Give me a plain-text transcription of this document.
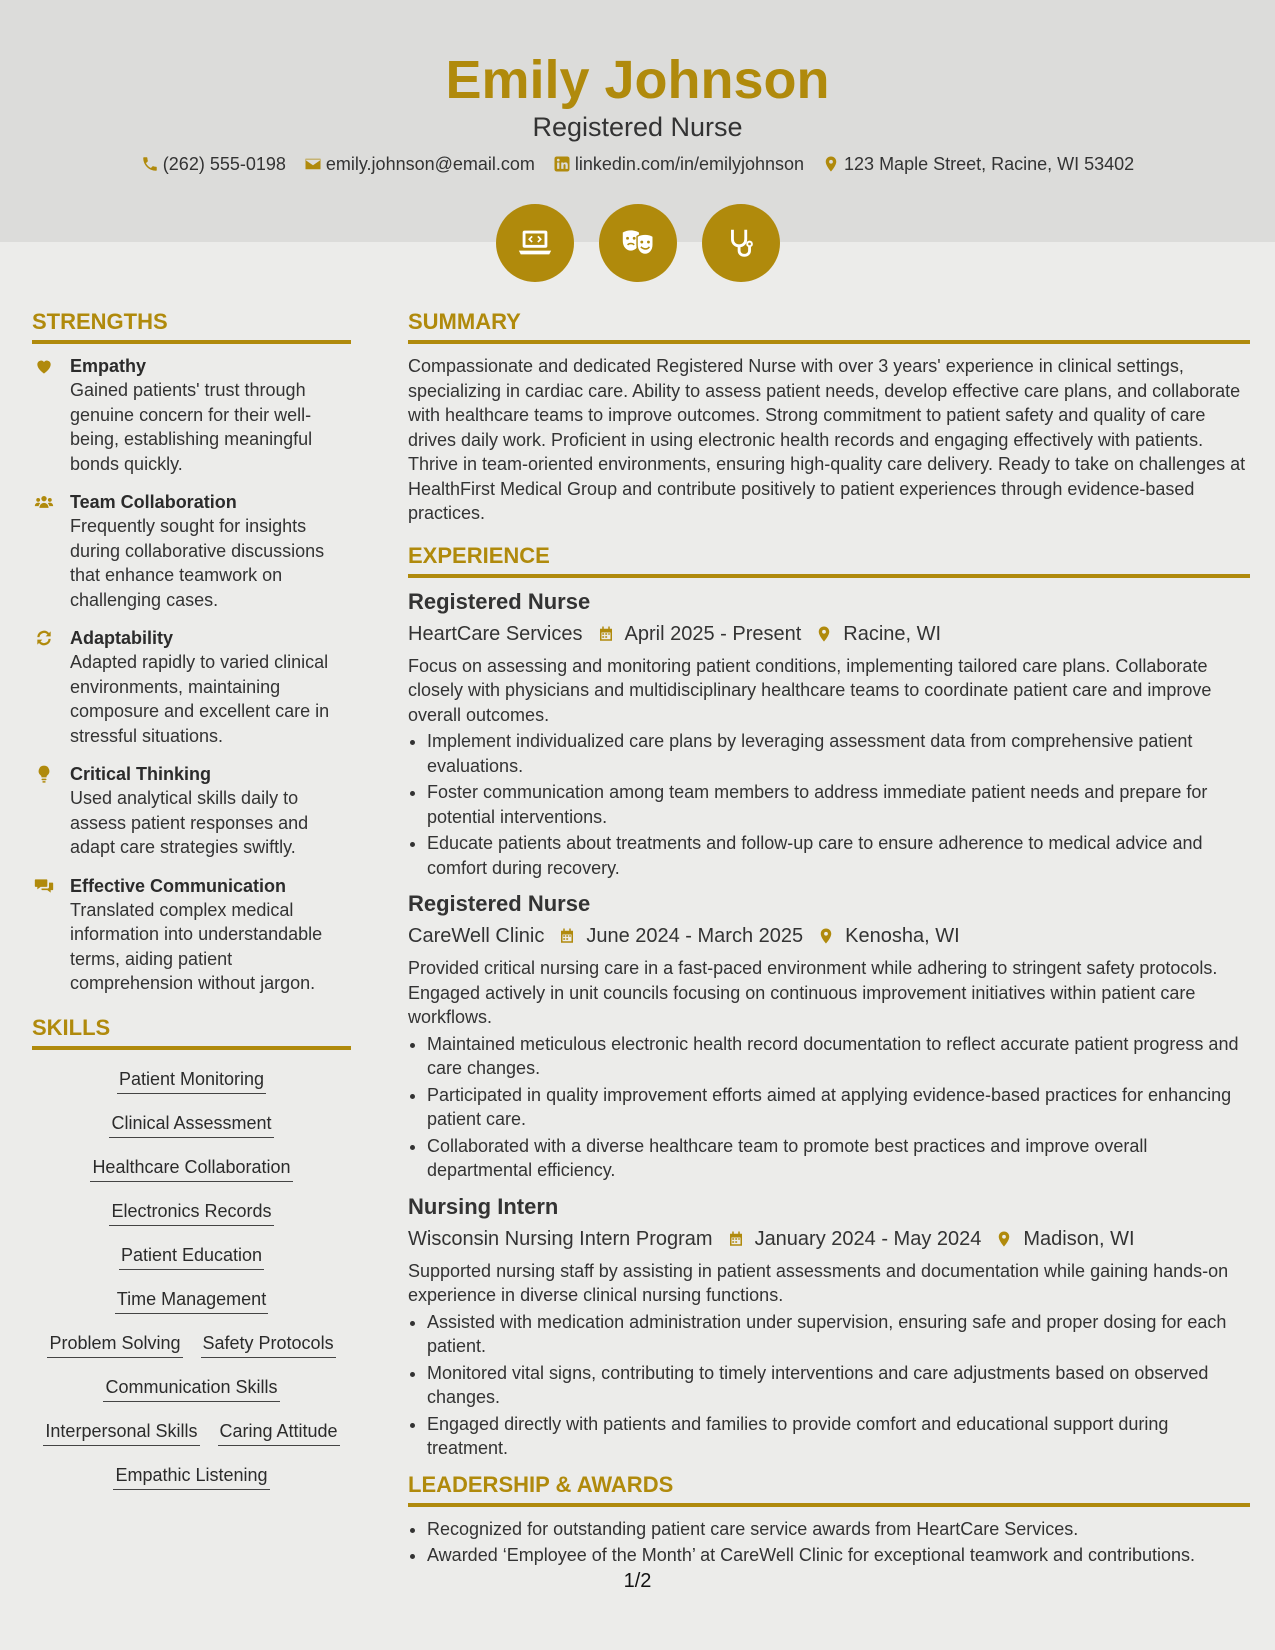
Emily Johnson
Registered Nurse
(262) 555-0198 emily.johnson@email.com linkedin.com/in/emilyjohnson 123 Maple Street, Racine, WI 53402
STRENGTHS
Empathy
Gained patients' trust through genuine concern for their well-being, establishing meaningful bonds quickly.
Team Collaboration
Frequently sought for insights during collaborative discussions that enhance teamwork on challenging cases.
Adaptability
Adapted rapidly to varied clinical environments, maintaining composure and excellent care in stressful situations.
Critical Thinking
Used analytical skills daily to assess patient responses and adapt care strategies swiftly.
Effective Communication
Translated complex medical information into understandable terms, aiding patient comprehension without jargon.
SKILLS
Patient Monitoring
Clinical Assessment
Healthcare Collaboration
Electronics Records
Patient Education
Time Management
Problem Solving Safety Protocols
Communication Skills
Interpersonal Skills Caring Attitude
Empathic Listening
SUMMARY
Compassionate and dedicated Registered Nurse with over 3 years' experience in clinical settings, specializing in cardiac care. Ability to assess patient needs, develop effective care plans, and collaborate with healthcare teams to improve outcomes. Strong commitment to patient safety and quality of care drives daily work. Proficient in using electronic health records and engaging effectively with patients. Thrive in team-oriented environments, ensuring high-quality care delivery. Ready to take on challenges at HealthFirst Medical Group and contribute positively to patient experiences through evidence-based practices.
EXPERIENCE
Registered Nurse
HeartCare Services April 2025 - Present Racine, WI
Focus on assessing and monitoring patient conditions, implementing tailored care plans. Collaborate closely with physicians and multidisciplinary healthcare teams to coordinate patient care and improve overall outcomes.
• Implement individualized care plans by leveraging assessment data from comprehensive patient evaluations.
• Foster communication among team members to address immediate patient needs and prepare for potential interventions.
• Educate patients about treatments and follow-up care to ensure adherence to medical advice and comfort during recovery.
Registered Nurse
CareWell Clinic June 2024 - March 2025 Kenosha, WI
Provided critical nursing care in a fast-paced environment while adhering to stringent safety protocols. Engaged actively in unit councils focusing on continuous improvement initiatives within patient care workflows.
• Maintained meticulous electronic health record documentation to reflect accurate patient progress and care changes.
• Participated in quality improvement efforts aimed at applying evidence-based practices for enhancing patient care.
• Collaborated with a diverse healthcare team to promote best practices and improve overall departmental efficiency.
Nursing Intern
Wisconsin Nursing Intern Program January 2024 - May 2024 Madison, WI
Supported nursing staff by assisting in patient assessments and documentation while gaining hands-on experience in diverse clinical nursing functions.
• Assisted with medication administration under supervision, ensuring safe and proper dosing for each patient.
• Monitored vital signs, contributing to timely interventions and care adjustments based on observed changes.
• Engaged directly with patients and families to provide comfort and educational support during treatment.
LEADERSHIP & AWARDS
• Recognized for outstanding patient care service awards from HeartCare Services.
• Awarded ‘Employee of the Month’ at CareWell Clinic for exceptional teamwork and contributions.
1/2
